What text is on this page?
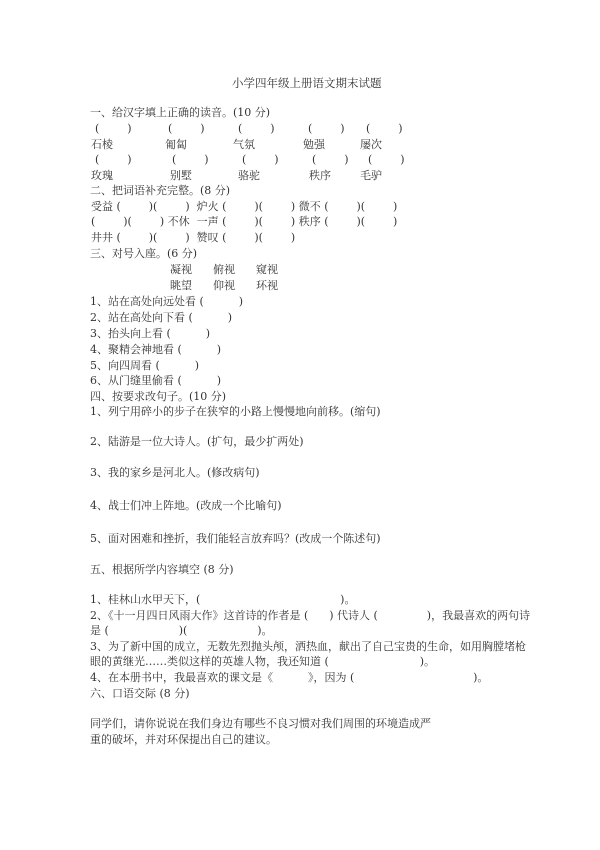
小学四年级上册语文期末试题
一、给汉字填上正确的读音。(10 分)
(        )	(        )	(        )	(        ) (        )
石棱	匍匐	气氛	勉强	屡次
(        )	(        )	(        )	(        ) (        )
玫瑰	别墅	骆驼	秩序	毛驴
二、把词语补充完整。(8 分)
受益 (        )(        )  炉火 (        )(        ) 微不 (        )(        )
(        )(        ) 不休  一声 (        )(        ) 秩序 (        )(        )
井井 (        )(        )  赞叹 (        )(        )
三、对号入座。(6 分)
凝视      俯视      窥视
眺望      仰视      环视
1、站在高处向远处看 (          )
2、站在高处向下看 (          )
3、抬头向上看 (          )
4、聚精会神地看 (          )
5、向四周看 (          )
6、从门缝里偷看 (          )
四、按要求改句子。(10 分)
1、列宁用碎小的步子在狭窄的小路上慢慢地向前移。(缩句)
2、陆游是一位大诗人。(扩句，最少扩两处)
3、我的家乡是河北人。(修改病句)
4、战士们冲上阵地。(改成一个比喻句)
5、面对困难和挫折，我们能轻言放弃吗？(改成一个陈述句)
五、根据所学内容填空 (8 分)
1、桂林山水甲天下，(                                        )。
2、《十一月四日风雨大作》这首诗的作者是 (      ) 代诗人 (              )，我最喜欢的两句诗
是 (                    )(                    )。
3、为了新中国的成立，无数先烈抛头颅，洒热血，献出了自己宝贵的生命，如用胸膛堵枪
眼的黄继光……类似这样的英雄人物，我还知道 (                          )。
4、在本册书中，我最喜欢的课文是《          》，因为 (                                  )。
六、口语交际 (8 分)
同学们，请你说说在我们身边有哪些不良习惯对我们周围的环境造成严
重的破坏，并对环保提出自己的建议。
